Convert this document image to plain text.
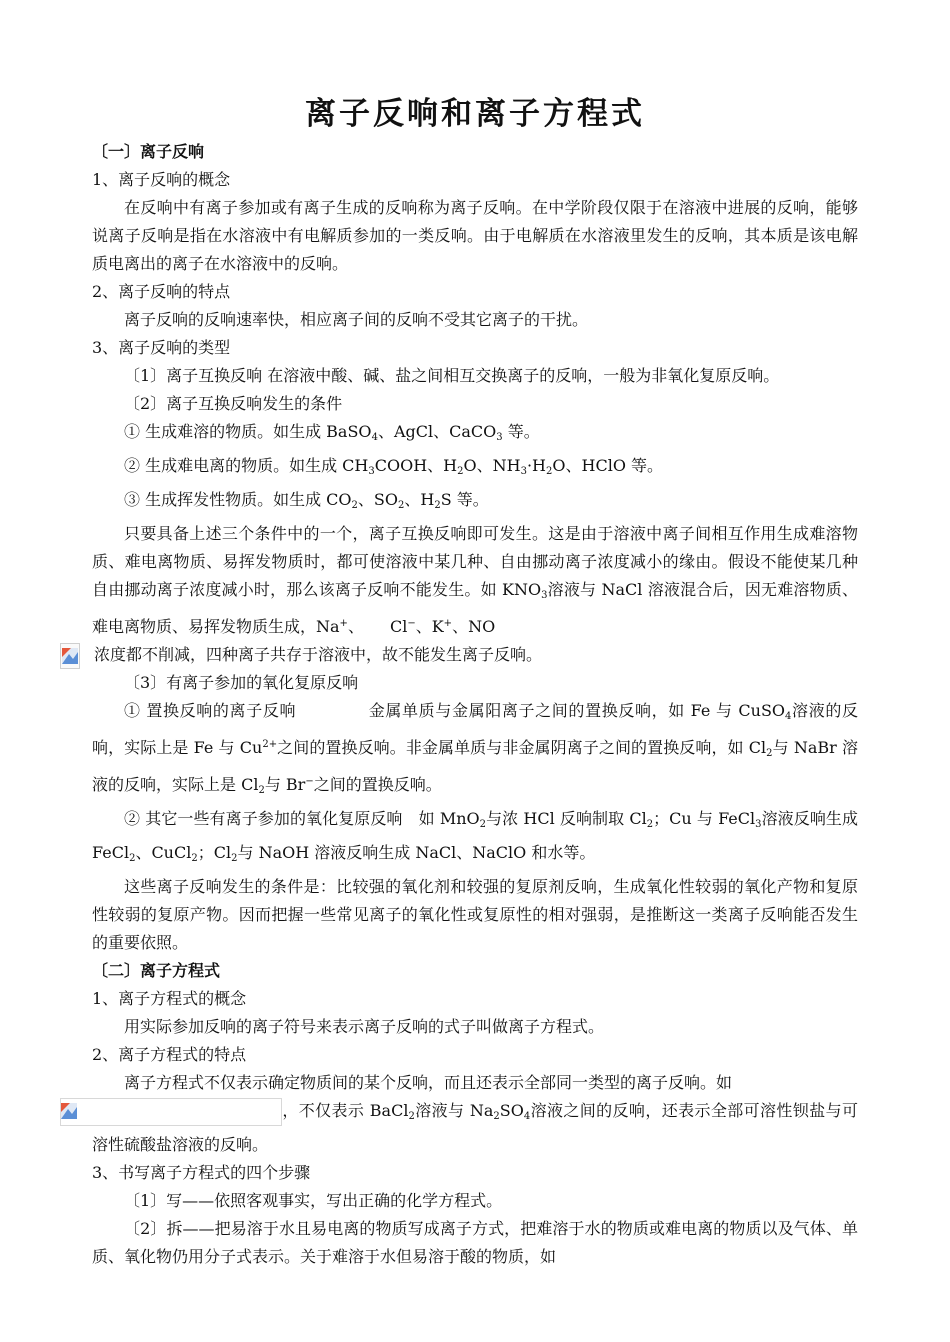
离子反响和离子方程式

〔一〕离子反响

1、离子反响的概念

在反响中有离子参加或有离子生成的反响称为离子反响。在中学阶段仅限于在溶液中进展的反响，能够说离子反响是指在水溶液中有电解质参加的一类反响。由于电解质在水溶液里发生的反响，其本质是该电解质电离出的离子在水溶液中的反响。

2、离子反响的特点

离子反响的反响速率快，相应离子间的反响不受其它离子的干扰。

3、离子反响的类型

〔1〕离子互换反响 在溶液中酸、碱、盐之间相互交换离子的反响，一般为非氧化复原反响。

〔2〕离子互换反响发生的条件

① 生成难溶的物质。如生成 BaSO$_4$、AgCl、CaCO$_3$ 等。

② 生成难电离的物质。如生成 $CH_3COOH$、$H_2O$、$NH_3\cdot H_2O$、HClO 等。

③ 生成挥发性物质。如生成 $CO_2$、$SO_2$、$H_2S$ 等。

只要具备上述三个条件中的一个，离子互换反响即可发生。这是由于溶液中离子间相互作用生成难溶物质、难电离物质、易挥发物质时，都可使溶液中某几种、自由挪动离子浓度减小的缘由。假设不能使某几种自由挪动离子浓度减小时，那么该离子反响不能发生。如 $KNO_3$溶液与 NaCl 溶液混合后，因无难溶物质、难电离物质、易挥发物质生成，Na+、 Cl−、K+、NO

浓度都不削减，四种离子共存于溶液中，故不能发生离子反响。

〔3〕有离子参加的氧化复原反响

① 置换反响的离子反响	金属单质与金属阳离子之间的置换反响，如 Fe 与 CuSO$_4$溶液的反响，实际上是 Fe 与 $Cu^{2+}$之间的置换反响。非金属单质与非金属阴离子之间的置换反响，如 $Cl_2$与 NaBr 溶液的反响，实际上是 $Cl_2$与 Br−之间的置换反响。

② 其它一些有离子参加的氧化复原反响　如 MnO$_2$与浓 HCl 反响制取 $Cl_2$；Cu 与 FeCl$_3$溶液反响生成 FeCl$_2$、CuCl$_2$；$Cl_2$与 NaOH 溶液反响生成 NaCl、NaClO 和水等。

这些离子反响发生的条件是：比较强的氧化剂和较强的复原剂反响，生成氧化性较弱的氧化产物和复原性较弱的复原产物。因而把握一些常见离子的氧化性或复原性的相对强弱，是推断这一类离子反响能否发生的重要依照。

〔二〕离子方程式

1、离子方程式的概念

用实际参加反响的离子符号来表示离子反响的式子叫做离子方程式。

2、离子方程式的特点

离子方程式不仅表示确定物质间的某个反响，而且还表示全部同一类型的离子反响。如

，不仅表示 BaCl$_2$溶液与 $Na_2SO_4$溶液之间的反响，还表示全部可溶性钡盐与可溶性硫酸盐溶液的反响。

3、书写离子方程式的四个步骤

〔1〕写——依照客观事实，写出正确的化学方程式。

〔2〕拆——把易溶于水且易电离的物质写成离子方式，把难溶于水的物质或难电离的物质以及气体、单质、氧化物仍用分子式表示。关于难溶于水但易溶于酸的物质，如
